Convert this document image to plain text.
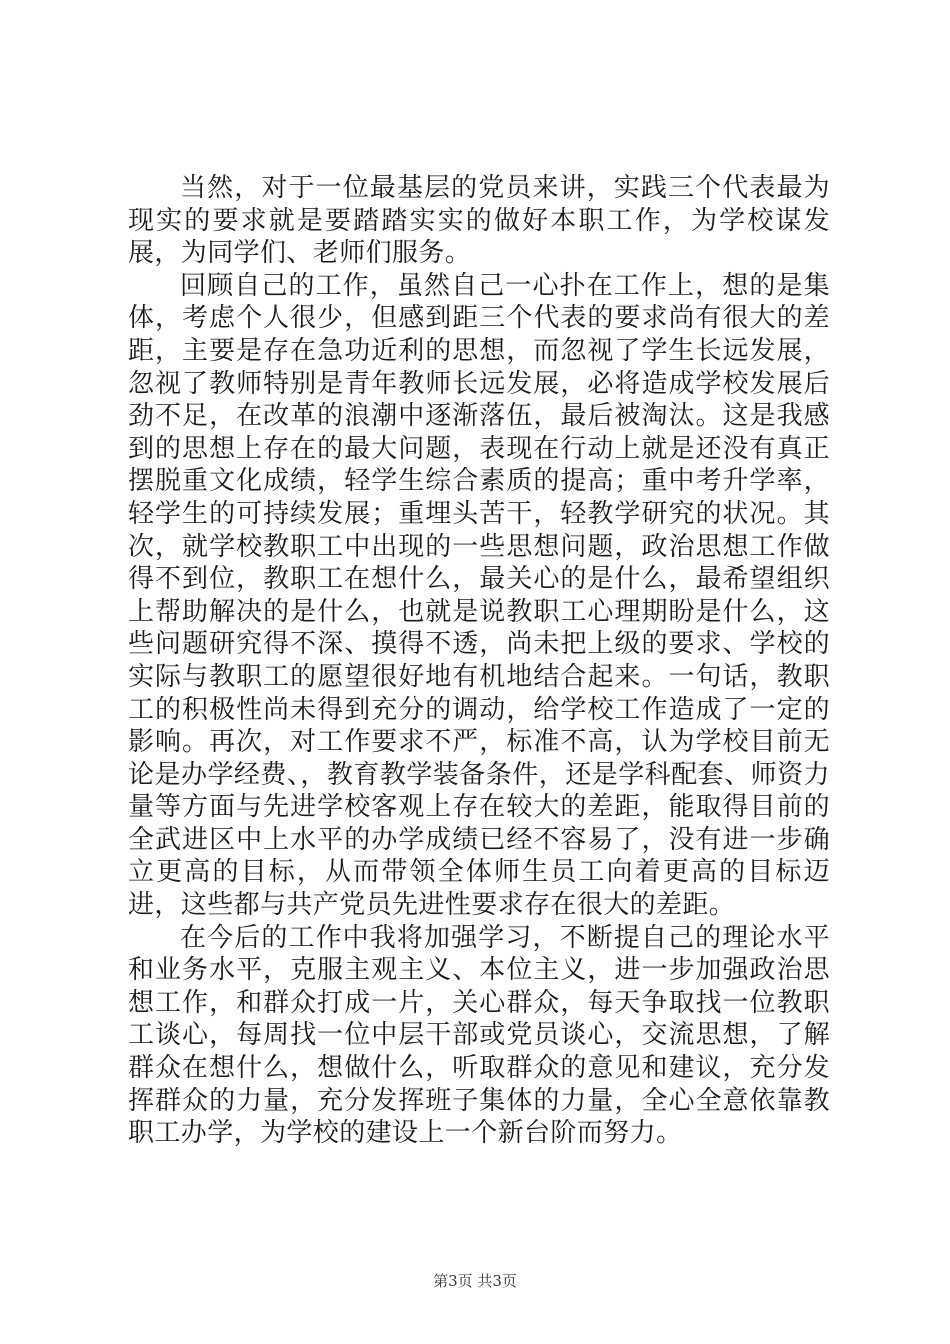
当然，对于一位最基层的党员来讲，实践三个代表最为现实的要求就是要踏踏实实的做好本职工作，为学校谋发展，为同学们、老师们服务。

回顾自己的工作，虽然自己一心扑在工作上，想的是集体，考虑个人很少，但感到距三个代表的要求尚有很大的差距，主要是存在急功近利的思想，而忽视了学生长远发展，忽视了教师特别是青年教师长远发展，必将造成学校发展后劲不足，在改革的浪潮中逐渐落伍，最后被淘汰。这是我感到的思想上存在的最大问题，表现在行动上就是还没有真正摆脱重文化成绩，轻学生综合素质的提高；重中考升学率，轻学生的可持续发展；重埋头苦干，轻教学研究的状况。其次，就学校教职工中出现的一些思想问题，政治思想工作做得不到位，教职工在想什么，最关心的是什么，最希望组织上帮助解决的是什么，也就是说教职工心理期盼是什么，这些问题研究得不深、摸得不透，尚未把上级的要求、学校的实际与教职工的愿望很好地有机地结合起来。一句话，教职工的积极性尚未得到充分的调动，给学校工作造成了一定的影响。再次，对工作要求不严，标准不高，认为学校目前无论是办学经费、，教育教学装备条件，还是学科配套、师资力量等方面与先进学校客观上存在较大的差距，能取得目前的全武进区中上水平的办学成绩已经不容易了，没有进一步确立更高的目标，从而带领全体师生员工向着更高的目标迈进，这些都与共产党员先进性要求存在很大的差距。

在今后的工作中我将加强学习，不断提自己的理论水平和业务水平，克服主观主义、本位主义，进一步加强政治思想工作，和群众打成一片，关心群众，每天争取找一位教职工谈心，每周找一位中层干部或党员谈心，交流思想，了解群众在想什么，想做什么，听取群众的意见和建议，充分发挥群众的力量，充分发挥班子集体的力量，全心全意依靠教职工办学，为学校的建设上一个新台阶而努力。

第3页 共3页
